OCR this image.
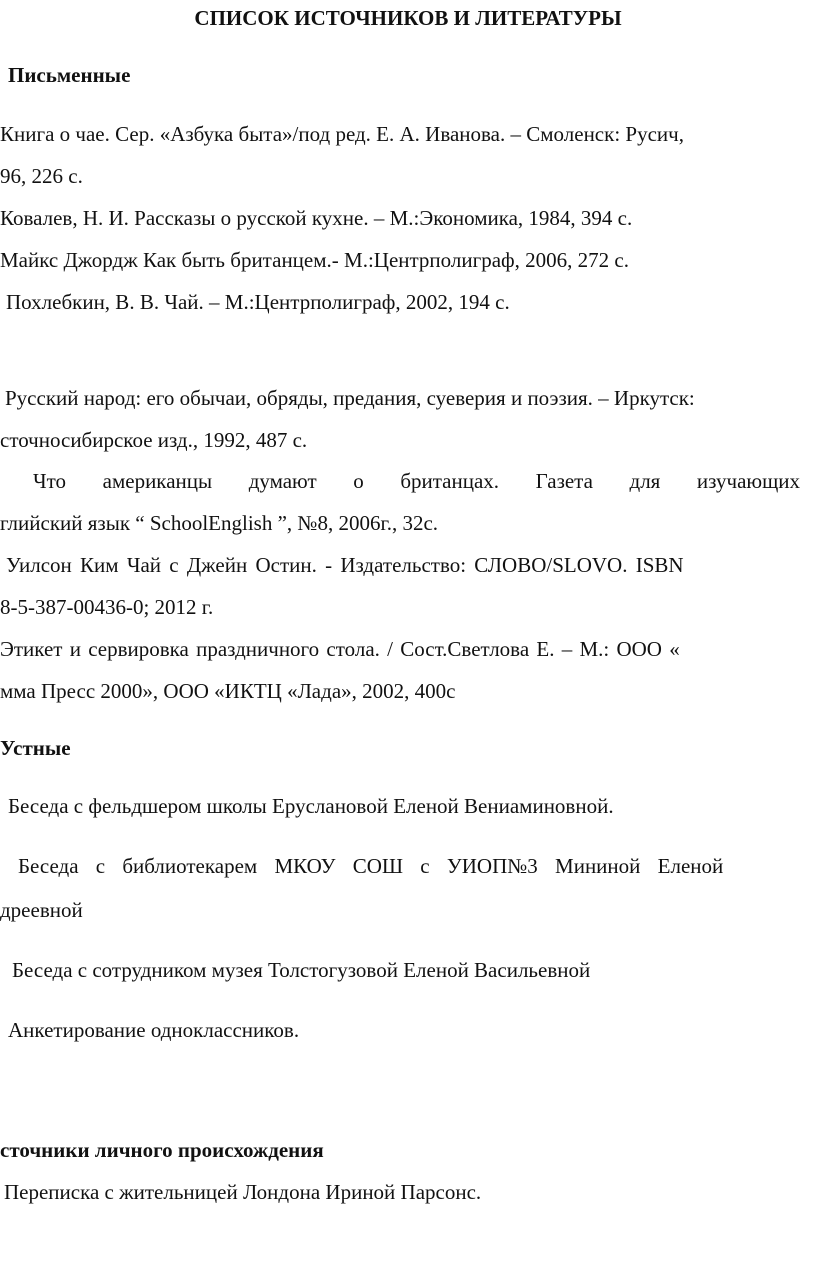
СПИСОК ИСТОЧНИКОВ И ЛИТЕРАТУРЫ
Письменные
Книга о чае. Сер. «Азбука быта»/под ред. Е. А. Иванова. – Смоленск: Русич,
96, 226 с.
Ковалев, Н. И. Рассказы о русской кухне. – М.:Экономика, 1984, 394 с.
Майкс Джордж Как быть британцем.- М.:Центрполиграф, 2006, 272 с.
Похлебкин, В. В. Чай. – М.:Центрполиграф, 2002, 194 с.
Русский народ: его обычаи, обряды, предания, суеверия и поэзия. – Иркутск:
сточносибирское изд., 1992, 487 с.
Что американцы думают о британцах. Газета для изучающих
глийский язык “ SchoolEnglish ”, №8, 2006г., 32с.
Уилсон Ким Чай с Джейн Остин. - Издательство: СЛОВО/SLOVO. ISBN
8-5-387-00436-0; 2012 г.
Этикет и сервировка праздничного стола. / Сост.Светлова Е. – М.: ООО «
мма Пресс 2000», ООО «ИКТЦ «Лада», 2002, 400с
Устные
Беседа с фельдшером школы Еруслановой Еленой Вениаминовной.
Беседа с библиотекарем МКОУ СОШ с УИОП№3 Мининой Еленой
дреевной
Беседа с сотрудником музея Толстогузовой Еленой Васильевной
Анкетирование одноклассников.
сточники личного происхождения
Переписка с жительницей Лондона Ириной Парсонс.
